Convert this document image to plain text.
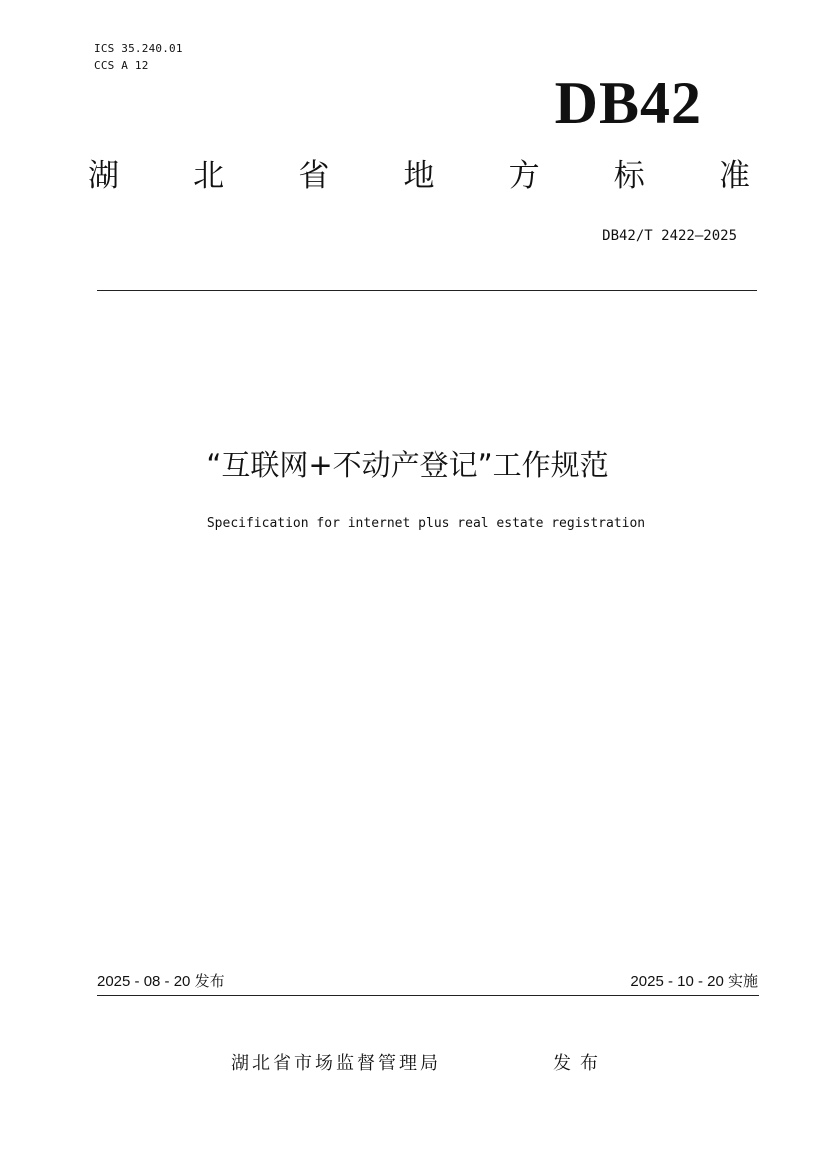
ICS 35.240.01
CCS A 12
DB42
湖 北 省 地 方 标 准
DB42/T 2422—2025
“互联网+不动产登记”工作规范
Specification for internet plus real estate registration
2025 - 08 - 20 发布	2025 - 10 - 20 实施
湖北省市场监督管理局	发布
